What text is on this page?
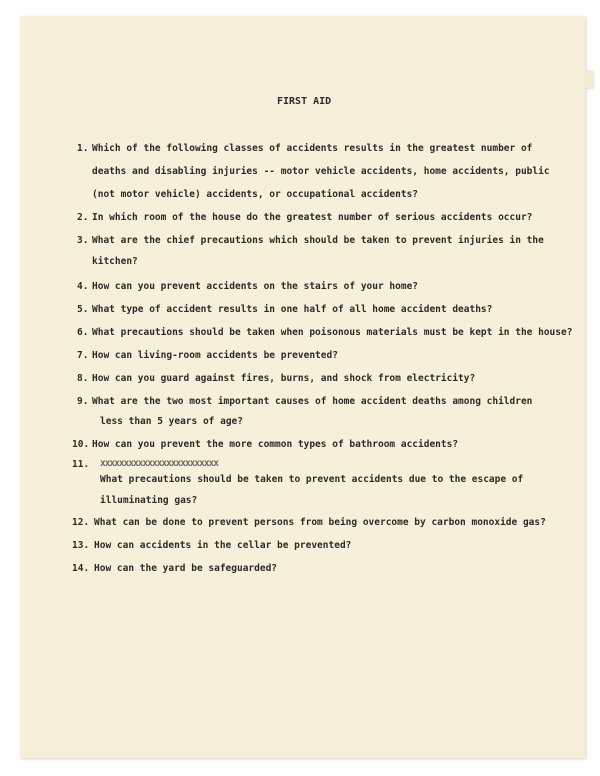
FIRST AID
1. Which of the following classes of accidents results in the greatest number of
deaths and disabling injuries -- motor vehicle accidents, home accidents, public
(not motor vehicle) accidents, or occupational accidents?
2. In which room of the house do the greatest number of serious accidents occur?
3. What are the chief precautions which should be taken to prevent injuries in the
kitchen?
4. How can you prevent accidents on the stairs of your home?
5. What type of accident results in one half of all home accident deaths?
6. What precautions should be taken when poisonous materials must be kept in the house?
7. How can living-room accidents be prevented?
8. How can you guard against fires, burns, and shock from electricity?
9. What are the two most important causes of home accident deaths among children
less than 5 years of age?
10. How can you prevent the more common types of bathroom accidents?
11. xxxxxxxxxxxxxxxxxxxxxxxxx
What precautions should be taken to prevent accidents due to the escape of
illuminating gas?
12. What can be done to prevent persons from being overcome by carbon monoxide gas?
13. How can accidents in the cellar be prevented?
14. How can the yard be safeguarded?
